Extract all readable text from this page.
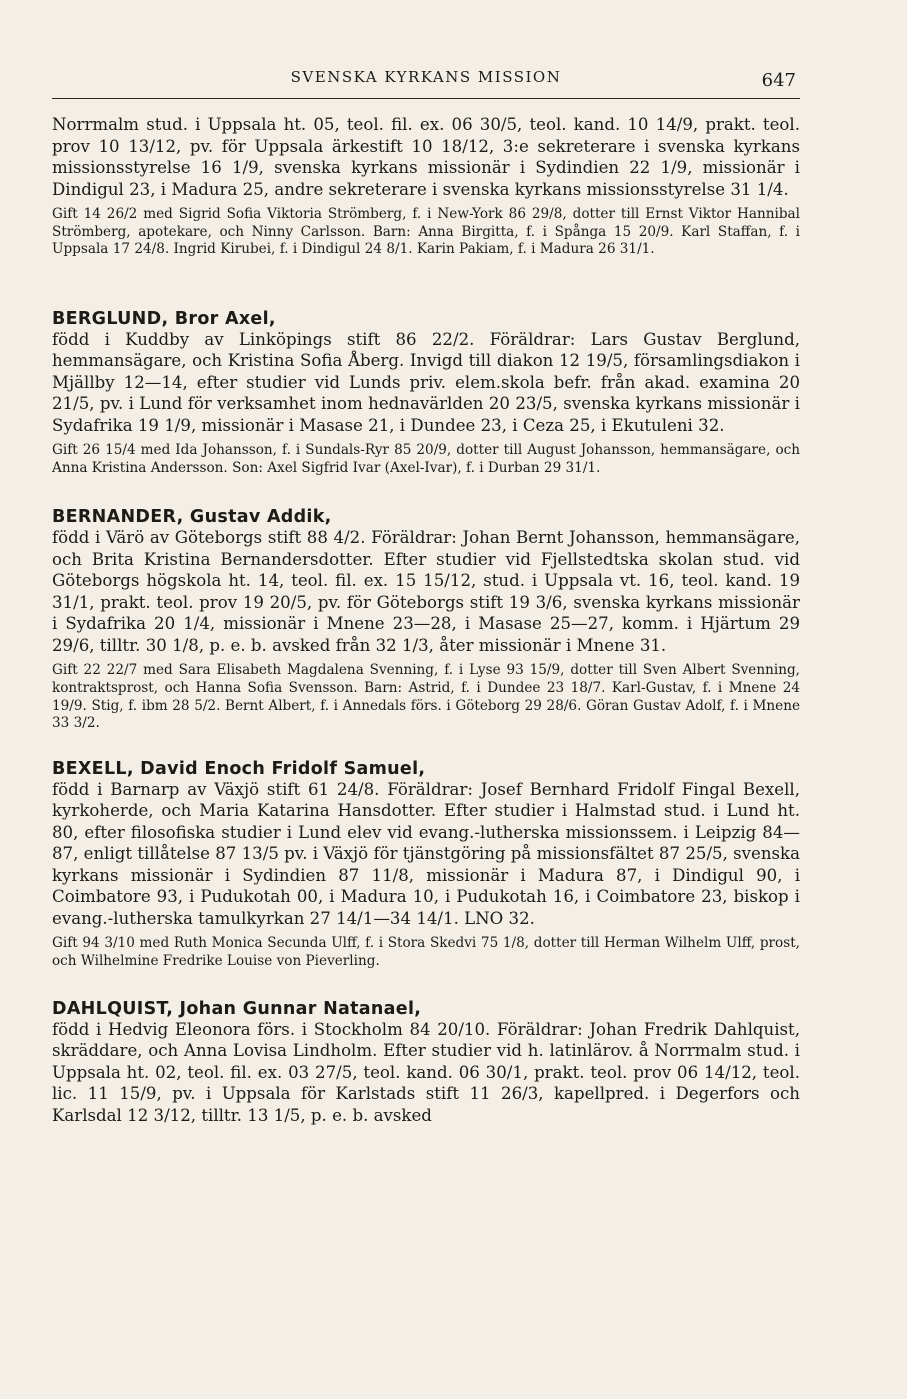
SVENSKA KYRKANS MISSION	647

Norrmalm stud. i Uppsala ht. 05, teol. fil. ex. 06 30/5, teol. kand. 10 14/9, prakt. teol. prov 10 13/12, pv. för Uppsala ärkestift 10 18/12, 3:e sekreterare i svenska kyrkans missionsstyrelse 16 1/9, svenska kyrkans missionär i Sydindien 22 1/9, missionär i Dindigul 23, i Madura 25, andre sekreterare i svenska kyrkans missionsstyrelse 31 1/4.

Gift 14 26/2 med Sigrid Sofia Viktoria Strömberg, f. i New-York 86 29/8, dotter till Ernst Viktor Hannibal Strömberg, apotekare, och Ninny Carlsson. Barn: Anna Birgitta, f. i Spånga 15 20/9. Karl Staffan, f. i Uppsala 17 24/8. Ingrid Kirubei, f. i Dindigul 24 8/1. Karin Pakiam, f. i Madura 26 31/1.

BERGLUND, Bror Axel,

född i Kuddby av Linköpings stift 86 22/2. Föräldrar: Lars Gustav Berglund, hemmansägare, och Kristina Sofia Åberg. Invigd till diakon 12 19/5, församlingsdiakon i Mjällby 12—14, efter studier vid Lunds priv. elem.skola befr. från akad. examina 20 21/5, pv. i Lund för verksamhet inom hednavärlden 20 23/5, svenska kyrkans missionär i Sydafrika 19 1/9, missionär i Masase 21, i Dundee 23, i Ceza 25, i Ekutuleni 32.

Gift 26 15/4 med Ida Johansson, f. i Sundals-Ryr 85 20/9, dotter till August Johansson, hemmansägare, och Anna Kristina Andersson. Son: Axel Sigfrid Ivar (Axel-Ivar), f. i Durban 29 31/1.

BERNANDER, Gustav Addik,

född i Värö av Göteborgs stift 88 4/2. Föräldrar: Johan Bernt Johansson, hemmansägare, och Brita Kristina Bernandersdotter. Efter studier vid Fjellstedtska skolan stud. vid Göteborgs högskola ht. 14, teol. fil. ex. 15 15/12, stud. i Uppsala vt. 16, teol. kand. 19 31/1, prakt. teol. prov 19 20/5, pv. för Göteborgs stift 19 3/6, svenska kyrkans missionär i Sydafrika 20 1/4, missionär i Mnene 23—28, i Masase 25—27, komm. i Hjärtum 29 29/6, tilltr. 30 1/8, p. e. b. avsked från 32 1/3, åter missionär i Mnene 31.

Gift 22 22/7 med Sara Elisabeth Magdalena Svenning, f. i Lyse 93 15/9, dotter till Sven Albert Svenning, kontraktsprost, och Hanna Sofia Svensson. Barn: Astrid, f. i Dundee 23 18/7. Karl-Gustav, f. i Mnene 24 19/9. Stig, f. ibm 28 5/2. Bernt Albert, f. i Annedals förs. i Göteborg 29 28/6. Göran Gustav Adolf, f. i Mnene 33 3/2.

BEXELL, David Enoch Fridolf Samuel,

född i Barnarp av Växjö stift 61 24/8. Föräldrar: Josef Bernhard Fridolf Fingal Bexell, kyrkoherde, och Maria Katarina Hansdotter. Efter studier i Halmstad stud. i Lund ht. 80, efter filosofiska studier i Lund elev vid evang.-lutherska missionssem. i Leipzig 84—87, enligt tillåtelse 87 13/5 pv. i Växjö för tjänstgöring på missionsfältet 87 25/5, svenska kyrkans missionär i Sydindien 87 11/8, missionär i Madura 87, i Dindigul 90, i Coimbatore 93, i Pudukotah 00, i Madura 10, i Pudukotah 16, i Coimbatore 23, biskop i evang.-lutherska tamulkyrkan 27 14/1—34 14/1. LNO 32.

Gift 94 3/10 med Ruth Monica Secunda Ulff, f. i Stora Skedvi 75 1/8, dotter till Herman Wilhelm Ulff, prost, och Wilhelmine Fredrike Louise von Pieverling.

DAHLQUIST, Johan Gunnar Natanael,

född i Hedvig Eleonora förs. i Stockholm 84 20/10. Föräldrar: Johan Fredrik Dahlquist, skräddare, och Anna Lovisa Lindholm. Efter studier vid h. latinlärov. å Norrmalm stud. i Uppsala ht. 02, teol. fil. ex. 03 27/5, teol. kand. 06 30/1, prakt. teol. prov 06 14/12, teol. lic. 11 15/9, pv. i Uppsala för Karlstads stift 11 26/3, kapellpred. i Degerfors och Karlsdal 12 3/12, tilltr. 13 1/5, p. e. b. avsked
